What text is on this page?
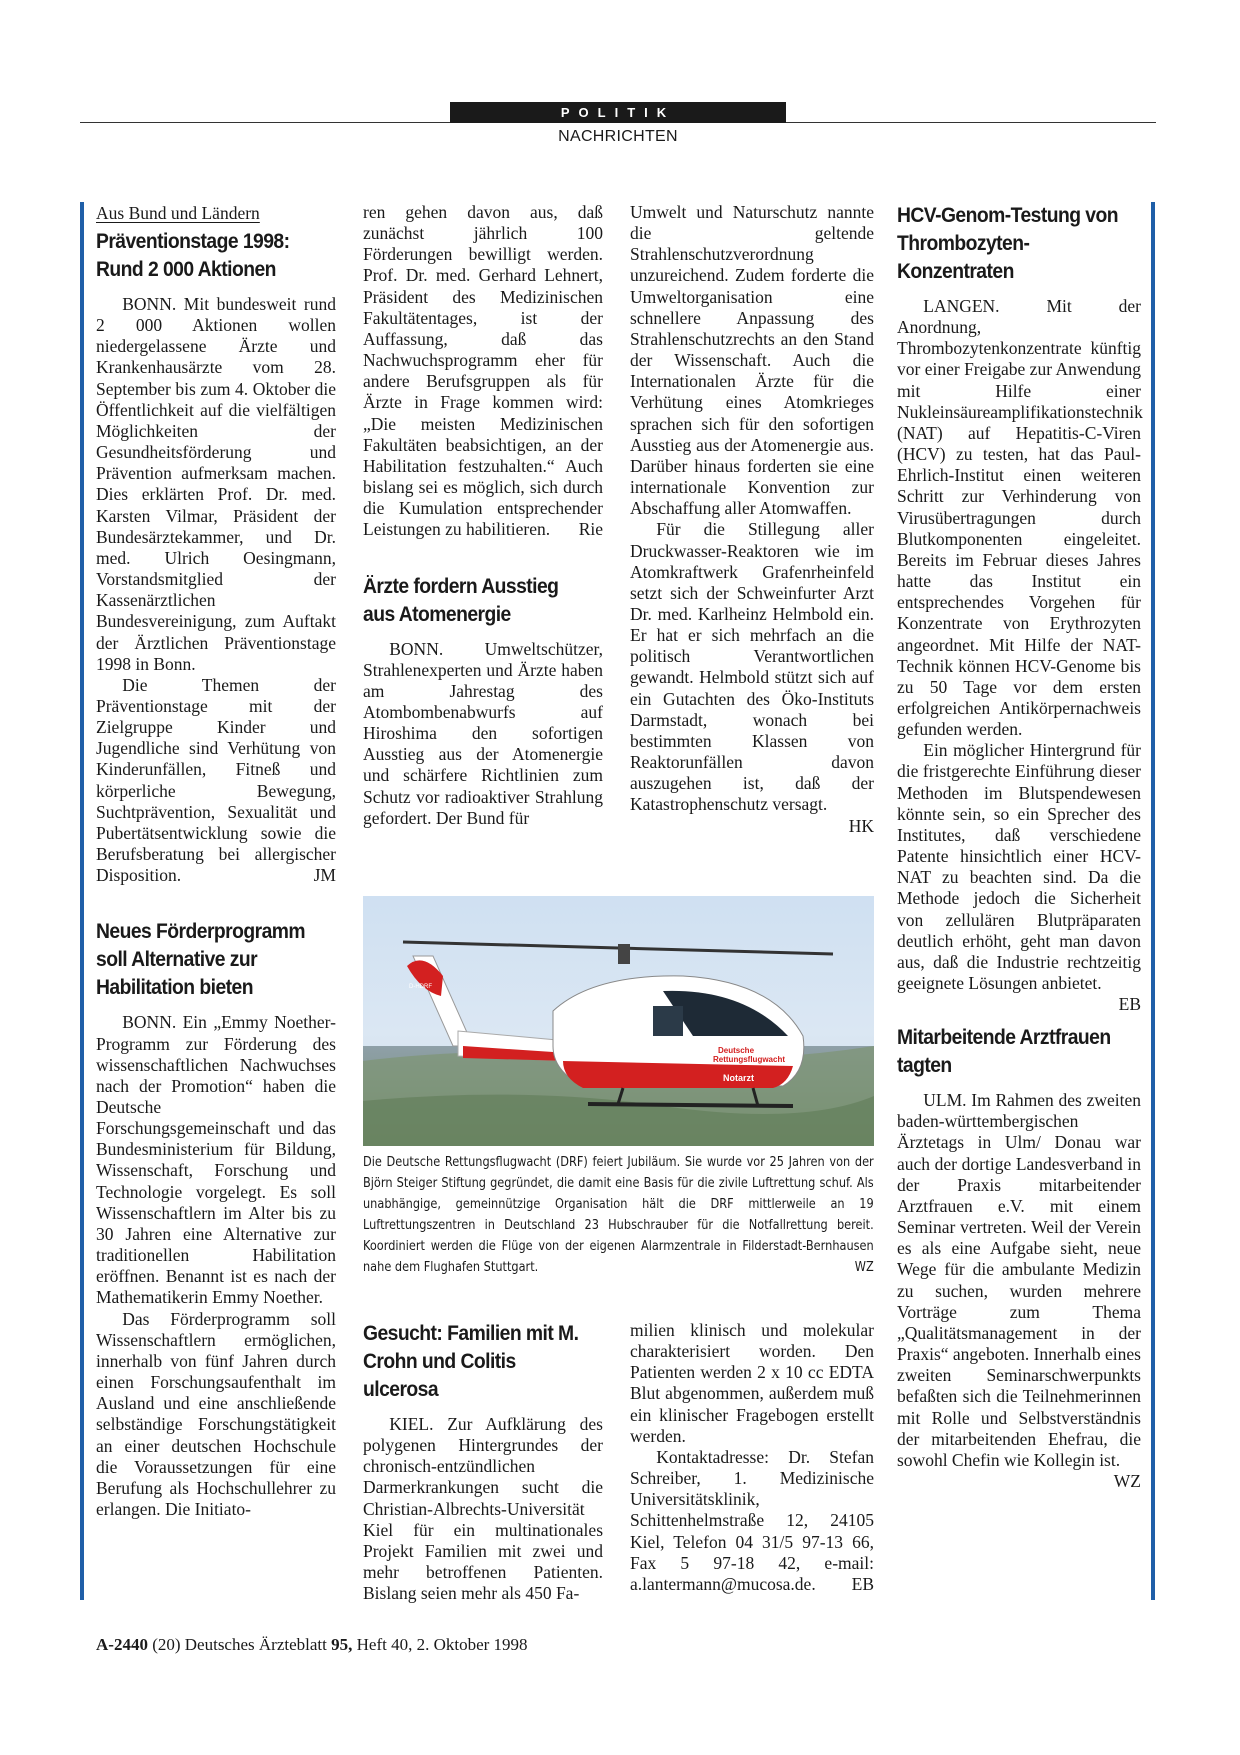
POLITIK
NACHRICHTEN
Aus Bund und Ländern
Präventionstage 1998: Rund 2 000 Aktionen

BONN. Mit bundesweit rund 2 000 Aktionen wollen niedergelassene Ärzte und Krankenhausärzte vom 28. September bis zum 4. Oktober die Öffentlichkeit auf die vielfältigen Möglichkeiten der Gesundheitsförderung und Prävention aufmerksam machen. Dies erklärten Prof. Dr. med. Karsten Vilmar, Präsident der Bundesärztekammer, und Dr. med. Ulrich Oesingmann, Vorstandsmitglied der Kassenärztlichen Bundesvereinigung, zum Auftakt der Ärztlichen Präventionstage 1998 in Bonn.

Die Themen der Präventionstage mit der Zielgruppe Kinder und Jugendliche sind Verhütung von Kinderunfällen, Fitneß und körperliche Bewegung, Suchtprävention, Sexualität und Pubertätsentwicklung sowie die Berufsberatung bei allergischer Disposition.	JM

Neues Förderprogramm soll Alternative zur Habilitation bieten

BONN. Ein „Emmy Noether-Programm zur Förderung des wissenschaftlichen Nachwuchses nach der Promotion“ haben die Deutsche Forschungsgemeinschaft und das Bundesministerium für Bildung, Wissenschaft, Forschung und Technologie vorgelegt. Es soll Wissenschaftlern im Alter bis zu 30 Jahren eine Alternative zur traditionellen Habilitation eröffnen. Benannt ist es nach der Mathematikerin Emmy Noether.

Das Förderprogramm soll Wissenschaftlern ermöglichen, innerhalb von fünf Jahren durch einen Forschungsaufenthalt im Ausland und eine anschließende selbständige Forschungstätigkeit an einer deutschen Hochschule die Voraussetzungen für eine Berufung als Hochschullehrer zu erlangen. Die Initiato-

ren gehen davon aus, daß zunächst jährlich 100 Förderungen bewilligt werden. Prof. Dr. med. Gerhard Lehnert, Präsident des Medizinischen Fakultätentages, ist der Auffassung, daß das Nachwuchsprogramm eher für andere Berufsgruppen als für Ärzte in Frage kommen wird: „Die meisten Medizinischen Fakultäten beabsichtigen, an der Habilitation festzuhalten.“ Auch bislang sei es möglich, sich durch die Kumulation entsprechender Leistungen zu habilitieren. Rie

Ärzte fordern Ausstieg aus Atomenergie

BONN. Umweltschützer, Strahlenexperten und Ärzte haben am Jahrestag des Atombombenabwurfs auf Hiroshima den sofortigen Ausstieg aus der Atomenergie und schärfere Richtlinien zum Schutz vor radioaktiver Strahlung gefordert. Der Bund für

Umwelt und Naturschutz nannte die geltende Strahlenschutzverordnung unzureichend. Zudem forderte die Umweltorganisation eine schnellere Anpassung des Strahlenschutzrechts an den Stand der Wissenschaft. Auch die Internationalen Ärzte für die Verhütung eines Atomkrieges sprachen sich für den sofortigen Ausstieg aus der Atomenergie aus. Darüber hinaus forderten sie eine internationale Konvention zur Abschaffung aller Atomwaffen.

Für die Stillegung aller Druckwasser-Reaktoren wie im Atomkraftwerk Grafenrheinfeld setzt sich der Schweinfurter Arzt Dr. med. Karlheinz Helmbold ein. Er hat er sich mehrfach an die politisch Verantwortlichen gewandt. Helmbold stützt sich auf ein Gutachten des Öko-Instituts Darmstadt, wonach bei bestimmten Klassen von Reaktorunfällen davon auszugehen ist, daß der Katastrophenschutz versagt.
HK

Deutsche
Rettungsflugwacht
Notarzt
D-HDRF
Die Deutsche Rettungsflugwacht (DRF) feiert Jubiläum. Sie wurde vor 25 Jahren von der Björn Steiger Stiftung gegründet, die damit eine Basis für die zivile Luftrettung schuf. Als unabhängige, gemeinnützige Organisation hält die DRF mittlerweile an 19 Luftrettungszentren in Deutschland 23 Hubschrauber für die Notfallrettung bereit. Koordiniert werden die Flüge von der eigenen Alarmzentrale in Filderstadt-Bernhausen nahe dem Flughafen Stuttgart.	WZ
Gesucht: Familien mit M. Crohn und Colitis ulcerosa

KIEL. Zur Aufklärung des polygenen Hintergrundes der chronisch-entzündlichen Darmerkrankungen sucht die Christian-Albrechts-Universität Kiel für ein multinationales Projekt Familien mit zwei und mehr betroffenen Patienten. Bislang seien mehr als 450 Fa-

milien klinisch und molekular charakterisiert worden. Den Patienten werden 2 x 10 cc EDTA Blut abgenommen, außerdem muß ein klinischer Fragebogen erstellt werden.

Kontaktadresse: Dr. Stefan Schreiber, 1. Medizinische Universitätsklinik, Schittenhelmstraße 12, 24105 Kiel, Telefon 04 31/5 97-13 66, Fax 5 97-18 42, e-mail: a.lantermann@mucosa.de.	EB

HCV-Genom-Testung von Thrombozyten-Konzentraten

LANGEN. Mit der Anordnung, Thrombozytenkonzentrate künftig vor einer Freigabe zur Anwendung mit Hilfe einer Nukleinsäureamplifikationstechnik (NAT) auf Hepatitis-C-Viren (HCV) zu testen, hat das Paul-Ehrlich-Institut einen weiteren Schritt zur Verhinderung von Virusübertragungen durch Blutkomponenten eingeleitet. Bereits im Februar dieses Jahres hatte das Institut ein entsprechendes Vorgehen für Konzentrate von Erythrozyten angeordnet. Mit Hilfe der NAT-Technik können HCV-Genome bis zu 50 Tage vor dem ersten erfolgreichen Antikörpernachweis gefunden werden.

Ein möglicher Hintergrund für die fristgerechte Einführung dieser Methoden im Blutspendewesen könnte sein, so ein Sprecher des Institutes, daß verschiedene Patente hinsichtlich einer HCV-NAT zu beachten sind. Da die Methode jedoch die Sicherheit von zellulären Blutpräparaten deutlich erhöht, geht man davon aus, daß die Industrie rechtzeitig geeignete Lösungen anbietet.
EB

Mitarbeitende Arztfrauen tagten

ULM. Im Rahmen des zweiten baden-württembergischen Ärztetags in Ulm/ Donau war auch der dortige Landesverband in der Praxis mitarbeitender Arztfrauen e.V. mit einem Seminar vertreten. Weil der Verein es als eine Aufgabe sieht, neue Wege für die ambulante Medizin zu suchen, wurden mehrere Vorträge zum Thema „Qualitätsmanagement in der Praxis“ angeboten. Innerhalb eines zweiten Seminarschwerpunkts befaßten sich die Teilnehmerinnen mit Rolle und Selbstverständnis der mitarbeitenden Ehefrau, die sowohl Chefin wie Kollegin ist.
WZ

A-2440 (20) Deutsches Ärzteblatt 95, Heft 40, 2. Oktober 1998
